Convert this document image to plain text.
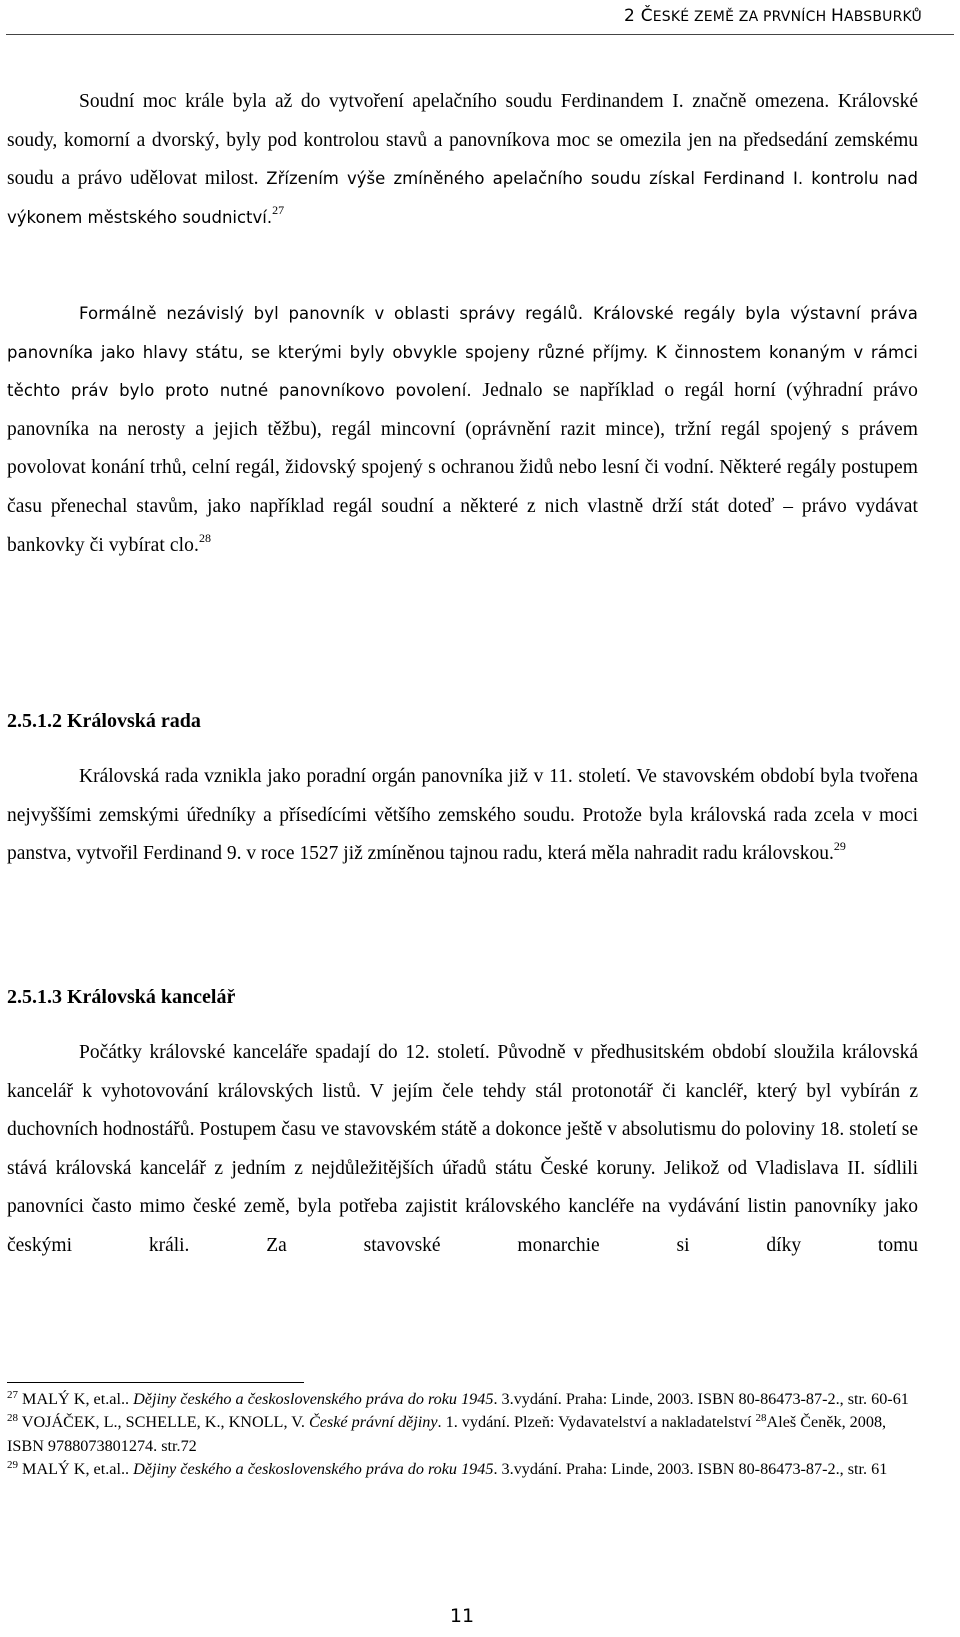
2 ČESKÉ ZEMĚ ZA PRVNÍCH HABSBURKŮ

Soudní moc krále byla až do vytvoření apelačního soudu Ferdinandem I. značně omezena. Královské soudy, komorní a dvorský, byly pod kontrolou stavů a panovníkova moc se omezila jen na předsedání zemskému soudu a právo udělovat milost. Zřízením výše zmíněného apelačního soudu získal Ferdinand I. kontrolu nad výkonem městského soudnictví.$^{27}$

Formálně nezávislý byl panovník v oblasti správy regálů. Královské regály byla výstavní práva panovníka jako hlavy státu, se kterými byly obvykle spojeny různé příjmy. K činnostem konaným v rámci těchto práv bylo proto nutné panovníkovo povolení. Jednalo se například o regál horní (výhradní právo panovníka na nerosty a jejich těžbu), regál mincovní (oprávnění razit mince), tržní regál spojený s právem povolovat konání trhů, celní regál, židovský spojený s ochranou židů nebo lesní či vodní. Některé regály postupem času přenechal stavům, jako například regál soudní a některé z nich vlastně drží stát doteď – právo vydávat bankovky či vybírat clo.$^{28}$

2.5.1.2 Královská rada

Královská rada vznikla jako poradní orgán panovníka již v 11. století. Ve stavovském období byla tvořena nejvyššími zemskými úředníky a přísedícími většího zemského soudu. Protože byla královská rada zcela v moci panstva, vytvořil Ferdinand 9. v roce 1527 již zmíněnou tajnou radu, která měla nahradit radu královskou.$^{29}$

2.5.1.3 Královská kancelář

Počátky královské kanceláře spadají do 12. století. Původně v předhusitském období sloužila královská kancelář k vyhotovování královských listů. V jejím čele tehdy stál protonotář či kancléř, který byl vybírán z duchovních hodnostářů. Postupem času ve stavovském státě a dokonce ještě v absolutismu do poloviny 18. století se stává královská kancelář z jedním z nejdůležitějších úřadů státu České koruny. Jelikož od Vladislava II. sídlili panovníci často mimo české země, byla potřeba zajistit královského kancléře na vydávání listin panovníky jako českými králi. Za stavovské monarchie si díky tomu

$^{27}$ MALÝ K, et.al.. Dějiny českého a československého práva do roku 1945. 3.vydání. Praha: Linde, 2003. ISBN 80-86473-87-2., str. 60-61

$^{28}$ VOJÁČEK, L., SCHELLE, K., KNOLL, V. České právní dějiny. 1. vydání. Plzeň: Vydavatelství a nakladatelství $^{28}$Aleš Čeněk, 2008, ISBN 9788073801274. str.72

$^{29}$ MALÝ K, et.al.. Dějiny českého a československého práva do roku 1945. 3.vydání. Praha: Linde, 2003. ISBN 80-86473-87-2., str. 61

11
